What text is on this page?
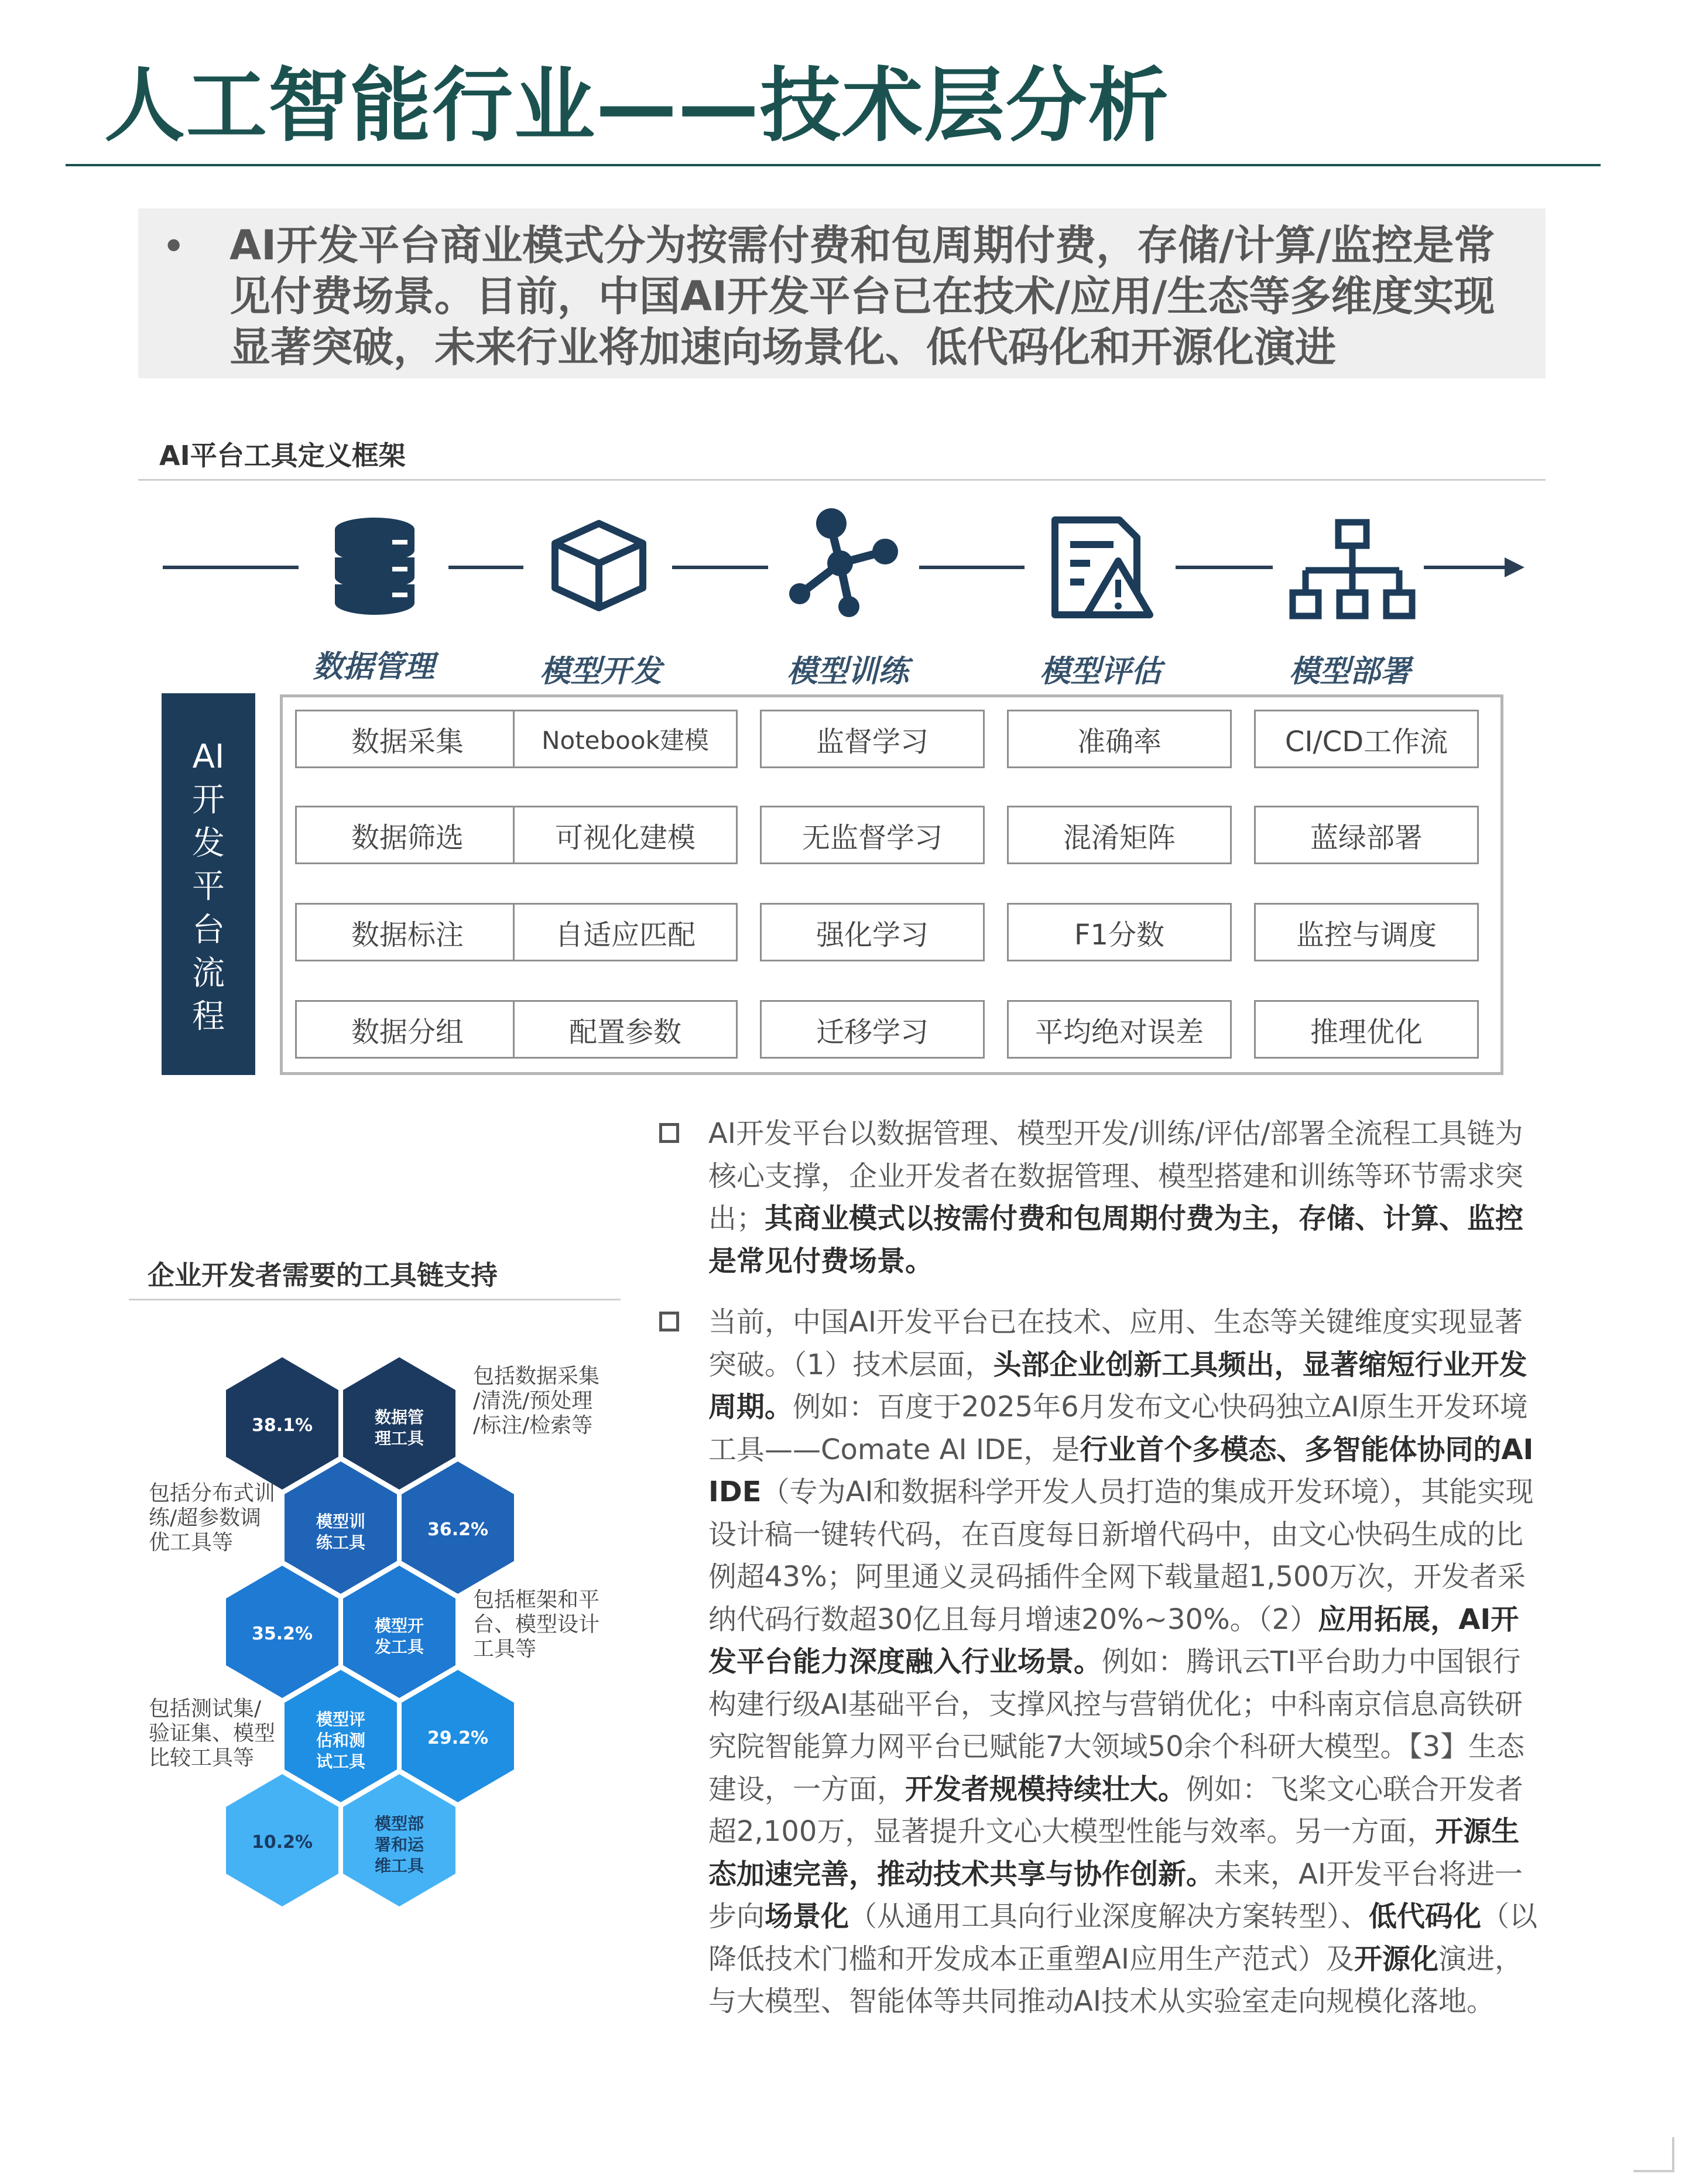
人工智能行业——技术层分析
• AI开发平台商业模式分为按需付费和包周期付费，存储/计算/监控是常见付费场景。目前，中国AI开发平台已在技术/应用/生态等多维度实现显著突破，未来行业将加速向场景化、低代码化和开源化演进
AI平台工具定义框架
数据管理	模型开发	模型训练	模型评估	模型部署
AI
开
发
平
台
流
程
数据采集	Notebook建模	监督学习	准确率	CI/CD工作流
数据筛选	可视化建模	无监督学习	混淆矩阵	蓝绿部署
数据标注	自适应匹配	强化学习	F1分数	监控与调度
数据分组	配置参数	迁移学习	平均绝对误差	推理优化
企业开发者需要的工具链支持
38.1%	数据管
理工具
模型训
练工具
36.2%
35.2%	模型开
发工具
模型评
估和测
试工具
29.2%
10.2%
模型部
署和运
维工具
包括数据采集
/清洗/预处理
/标注/检索等
包括分布式训
练/超参数调
优工具等
包括框架和平
台、模型设计
工具等
包括测试集/
验证集、模型
比较工具等
AI开发平台以数据管理、模型开发/训练/评估/部署全流程工具链为核心支撑，企业开发者在数据管理、模型搭建和训练等环节需求突出；其商业模式以按需付费和包周期付费为主，存储、计算、监控是常见付费场景。
当前，中国AI开发平台已在技术、应用、生态等关键维度实现显著突破。（1）技术层面，头部企业创新工具频出，显著缩短行业开发周期。例如：百度于2025年6月发布文心快码独立AI原生开发环境工具——Comate AI IDE，是行业首个多模态、多智能体协同的AI IDE（专为AI和数据科学开发人员打造的集成开发环境），其能实现设计稿一键转代码，在百度每日新增代码中，由文心快码生成的比例超43%；阿里通义灵码插件全网下载量超1,500万次，开发者采纳代码行数超30亿且每月增速20%~30%。（2）应用拓展，AI开发平台能力深度融入行业场景。例如：腾讯云TI平台助力中国银行构建行级AI基础平台，支撑风控与营销优化；中科南京信息高铁研究院智能算力网平台已赋能7大领域50余个科研大模型。【3】生态建设，一方面，开发者规模持续壮大。例如：飞桨文心联合开发者超2,100万，显著提升文心大模型性能与效率。另一方面，开源生态加速完善，推动技术共享与协作创新。未来，AI开发平台将进一步向场景化（从通用工具向行业深度解决方案转型）、低代码化（以降低技术门槛和开发成本正重塑AI应用生产范式）及开源化演进，与大模型、智能体等共同推动AI技术从实验室走向规模化落地。
